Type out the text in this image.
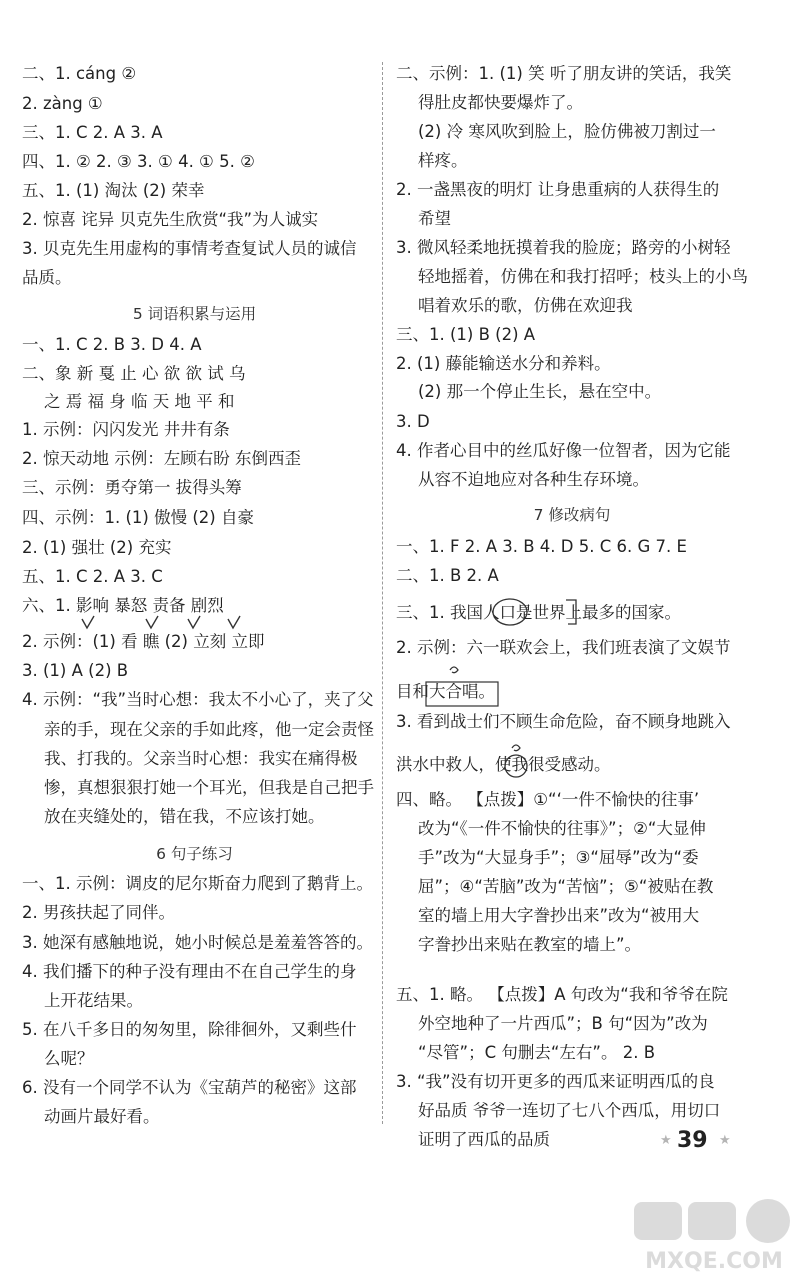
二、1. cáng ②
2. zàng ①
三、1. C 2. A 3. A
四、1. ② 2. ③ 3. ① 4. ① 5. ②
五、1. (1) 淘汰 (2) 荣幸
2. 惊喜 诧异 贝克先生欣赏“我”为人诚实
3. 贝克先生用虚构的事情考查复试人员的诚信
品质。
5 词语积累与运用
一、1. C 2. B 3. D 4. A
二、象 新 戛 止 心 欲 欲 试 乌
之 焉 福 身 临 天 地 平 和
1. 示例：闪闪发光 井井有条
2. 惊天动地 示例：左顾右盼 东倒西歪
三、示例：勇夺第一 拔得头筹
四、示例：1. (1) 傲慢 (2) 自豪
2. (1) 强壮 (2) 充实
五、1. C 2. A 3. C
六、1. 影响 暴怒 责备 剧烈
2. 示例：(1) 看 瞧 (2) 立刻 立即
3. (1) A (2) B
4. 示例：“我”当时心想：我太不小心了，夹了父
亲的手，现在父亲的手如此疼，他一定会责怪
我、打我的。父亲当时心想：我实在痛得极
惨，真想狠狠打她一个耳光，但我是自己把手
放在夹缝处的，错在我，不应该打她。
6 句子练习
一、1. 示例：调皮的尼尔斯奋力爬到了鹅背上。
2. 男孩扶起了同伴。
3. 她深有感触地说，她小时候总是羞羞答答的。
4. 我们播下的种子没有理由不在自己学生的身
上开花结果。
5. 在八千多日的匆匆里，除徘徊外，又剩些什
么呢？
6. 没有一个同学不认为《宝葫芦的秘密》这部
动画片最好看。
二、示例：1. (1) 笑 听了朋友讲的笑话，我笑
得肚皮都快要爆炸了。
(2) 冷 寒风吹到脸上，脸仿佛被刀割过一
样疼。
2. 一盏黑夜的明灯 让身患重病的人获得生的
希望
3. 微风轻柔地抚摸着我的脸庞；路旁的小树轻
轻地摇着，仿佛在和我打招呼；枝头上的小鸟
唱着欢乐的歌，仿佛在欢迎我
三、1. (1) B (2) A
2. (1) 藤能输送水分和养料。
(2) 那一个停止生长，悬在空中。
3. D
4. 作者心目中的丝瓜好像一位智者，因为它能
从容不迫地应对各种生存环境。
7 修改病句
一、1. F 2. A 3. B 4. D 5. C 6. G 7. E
二、1. B 2. A
三、1. 我国人口是世界上最多的国家。
2. 示例：六一联欢会上，我们班表演了文娱节
目和大合唱。
3. 看到战士们不顾生命危险，奋不顾身地跳入
洪水中救人，使我很受感动。
四、略。 【点拨】①“‘一件不愉快的往事’
改为“《一件不愉快的往事》”；②“大显伸
手”改为“大显身手”；③“屈辱”改为“委
屈”；④“苦脑”改为“苦恼”；⑤“被贴在教
室的墙上用大字誊抄出来”改为“被用大
字誊抄出来贴在教室的墙上”。
五、1. 略。 【点拨】A 句改为“我和爷爷在院
外空地种了一片西瓜”；B 句“因为”改为
“尽管”；C 句删去“左右”。 2. B
3. “我”没有切开更多的西瓜来证明西瓜的良
好品质 爷爷一连切了七八个西瓜，用切口
证明了西瓜的品质	★ 39 ★
MXQE.COM
